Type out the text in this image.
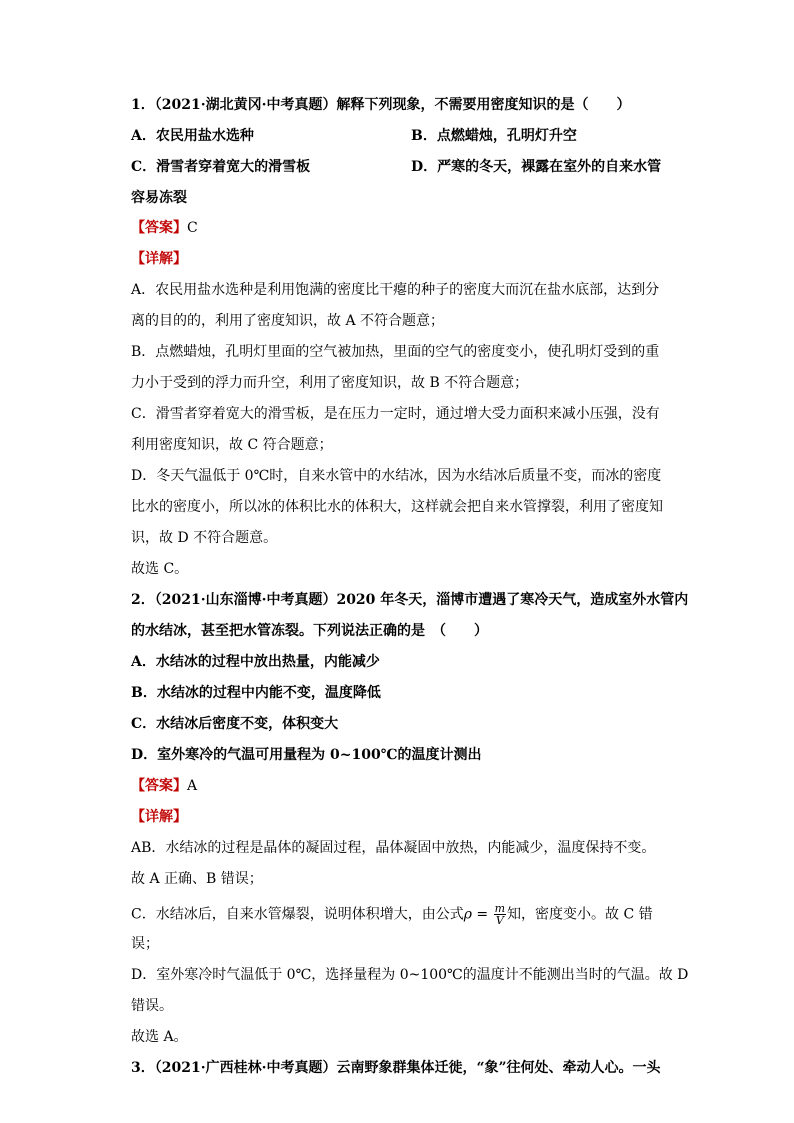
1．（2021·湖北黄冈·中考真题）解释下列现象，不需要用密度知识的是（　　）
A．农民用盐水选种	B．点燃蜡烛，孔明灯升空
C．滑雪者穿着宽大的滑雪板	D．严寒的冬天，裸露在室外的自来水管
容易冻裂
【答案】C
【详解】
A．农民用盐水选种是利用饱满的密度比干瘪的种子的密度大而沉在盐水底部，达到分
离的目的的，利用了密度知识，故 A 不符合题意；
B．点燃蜡烛，孔明灯里面的空气被加热，里面的空气的密度变小，使孔明灯受到的重
力小于受到的浮力而升空，利用了密度知识，故 B 不符合题意；
C．滑雪者穿着宽大的滑雪板，是在压力一定时，通过增大受力面积来减小压强，没有
利用密度知识，故 C 符合题意；
D．冬天气温低于 0℃时，自来水管中的水结冰，因为水结冰后质量不变，而冰的密度
比水的密度小，所以冰的体积比水的体积大，这样就会把自来水管撑裂，利用了密度知
识，故 D 不符合题意。
故选 C。
2．（2021·山东淄博·中考真题）2020 年冬天，淄博市遭遇了寒冷天气，造成室外水管内
的水结冰，甚至把水管冻裂。下列说法正确的是　（　　）
A．水结冰的过程中放出热量，内能减少
B．水结冰的过程中内能不变，温度降低
C．水结冰后密度不变，体积变大
D．室外寒冷的气温可用量程为 0~100℃的温度计测出
【答案】A
【详解】
AB．水结冰的过程是晶体的凝固过程，晶体凝固中放热，内能减少，温度保持不变。
故 A 正确、B 错误；
C．水结冰后，自来水管爆裂，说明体积增大，由公式$\rho = \frac{m}{V}$ 知，密度变小。故 C 错
误；
D．室外寒冷时气温低于 0℃，选择量程为 0~100℃的温度计不能测出当时的气温。故 D
错误。
故选 A。
3．（2021·广西桂林·中考真题）云南野象群集体迁徙，“象”往何处、牵动人心。一头
